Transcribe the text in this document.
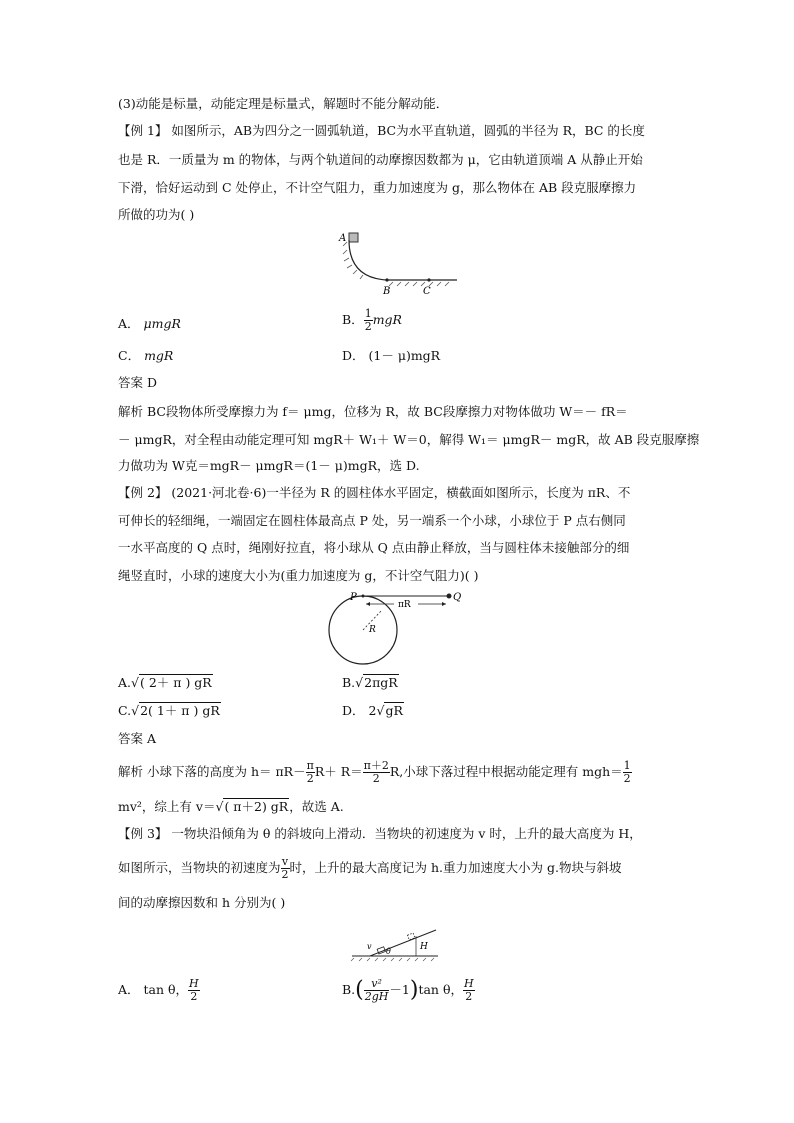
(3)动能是标量，动能定理是标量式，解题时不能分解动能．
【例 1】 如图所示，AB为四分之一圆弧轨道，BC为水平直轨道，圆弧的半径为 R，BC 的长度
也是 R．一质量为 m 的物体，与两个轨道间的动摩擦因数都为 μ，它由轨道顶端 A 从静止开始
下滑，恰好运动到 C 处停止，不计空气阻力，重力加速度为 g，那么物体在 AB 段克服摩擦力
所做的功为( )
A
B	C
A． μmgR	B． $\frac{1}{2}$ mgR
C． mgR	D． (1－ μ)mgR
答案 D
解析 BC段物体所受摩擦力为 f＝ μmg，位移为 R，故 BC段摩擦力对物体做功 W＝－ fR＝
－ μmgR，对全程由动能定理可知 mgR＋ W₁＋ W＝0，解得 W₁＝ μmgR－ mgR，故 AB 段克服摩擦
力做功为 W克＝mgR－ μmgR＝(1－ μ)mgR，选 D.
【例 2】 (2021·河北卷·6)一半径为 R 的圆柱体水平固定，横截面如图所示，长度为 πR、不
可伸长的轻细绳，一端固定在圆柱体最高点 P 处，另一端系一个小球，小球位于 P 点右侧同
一水平高度的 Q 点时，绳刚好拉直，将小球从 Q 点由静止释放，当与圆柱体未接触部分的细
绳竖直时，小球的速度大小为(重力加速度为 g，不计空气阻力)( )
P	Q
πR
R
A.√( 2＋ π ) gR	B.√2πgR
C.√2( 1＋ π ) gR	D． 2√gR
答案 A
解析 小球下落的高度为 $h= \pi R- \frac{\pi}{2} R+ R= \frac{\pi+2}{2} R$,小球下落过程中根据动能定理有 $mgh= \frac{1}{2}$
mv²，综上有 v＝√( π＋2) gR，故选 A.
【例 3】 一物块沿倾角为 θ 的斜坡向上滑动．当物块的初速度为 v 时，上升的最大高度为 H，
如图所示，当物块的初速度为 $\frac{v}{2}$ 时，上升的最大高度记为 h.重力加速度大小为 g.物块与斜坡
间的动摩擦因数和 h 分别为( )
v
θ	H
A． tan θ， $\frac{H}{2}$	$B.( \frac{\text{v²}}{2gH} -1)\tan$ θ， $\frac{H}{2}$
